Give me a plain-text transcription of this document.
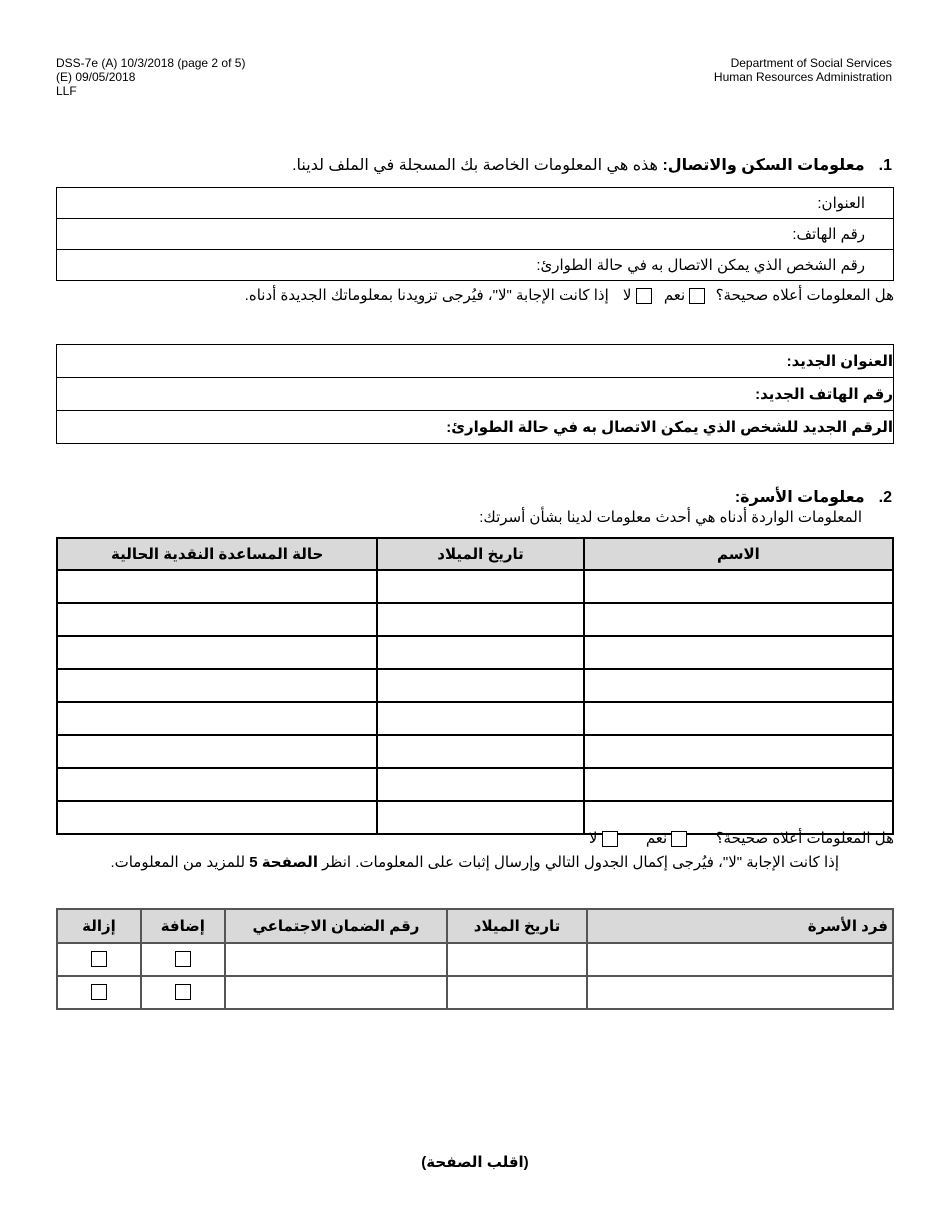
DSS-7e (A) 10/3/2018 (page 2 of 5)
(E) 09/05/2018
LLF
Department of Social Services
Human Resources Administration
1.معلومات السكن والاتصال: هذه هي المعلومات الخاصة بك المسجلة في الملف لدينا.
العنوان:
رقم الهاتف:
رقم الشخص الذي يمكن الاتصال به في حالة الطوارئ:
هل المعلومات أعلاه صحيحة؟  نعم  لا إذا كانت الإجابة "لا"، فيُرجى تزويدنا بمعلوماتك الجديدة أدناه.
العنوان الجديد:
رقم الهاتف الجديد:
الرقم الجديد للشخص الذي يمكن الاتصال به في حالة الطوارئ:
2.معلومات الأسرة:
المعلومات الواردة أدناه هي أحدث معلومات لدينا بشأن أسرتك:
الاسم	تاريخ الميلاد	حالة المساعدة النقدية الحالية

هل المعلومات أعلاه صحيحة؟  نعم  لا
إذا كانت الإجابة "لا"، فيُرجى إكمال الجدول التالي وإرسال إثبات على المعلومات. انظر الصفحة 5 للمزيد من المعلومات.
فرد الأسرة	تاريخ الميلاد	رقم الضمان الاجتماعي	إضافة	إزالة

(اقلب الصفحة)
